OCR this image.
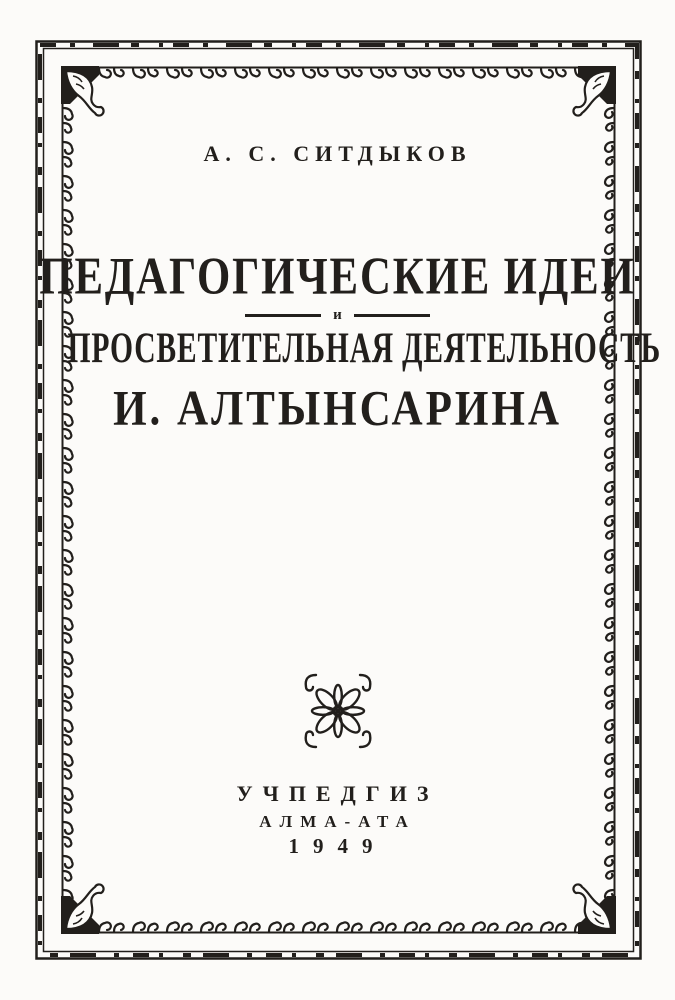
А. С. СИТДЫКОВ
ПЕДАГОГИЧЕСКИЕ ИДЕИ
и
ПРОСВЕТИТЕЛЬНАЯ ДЕЯТЕЛЬНОСТЬ
И. АЛТЫНСАРИНА
УЧПЕДГИЗ
АЛМА-АТА
1949
